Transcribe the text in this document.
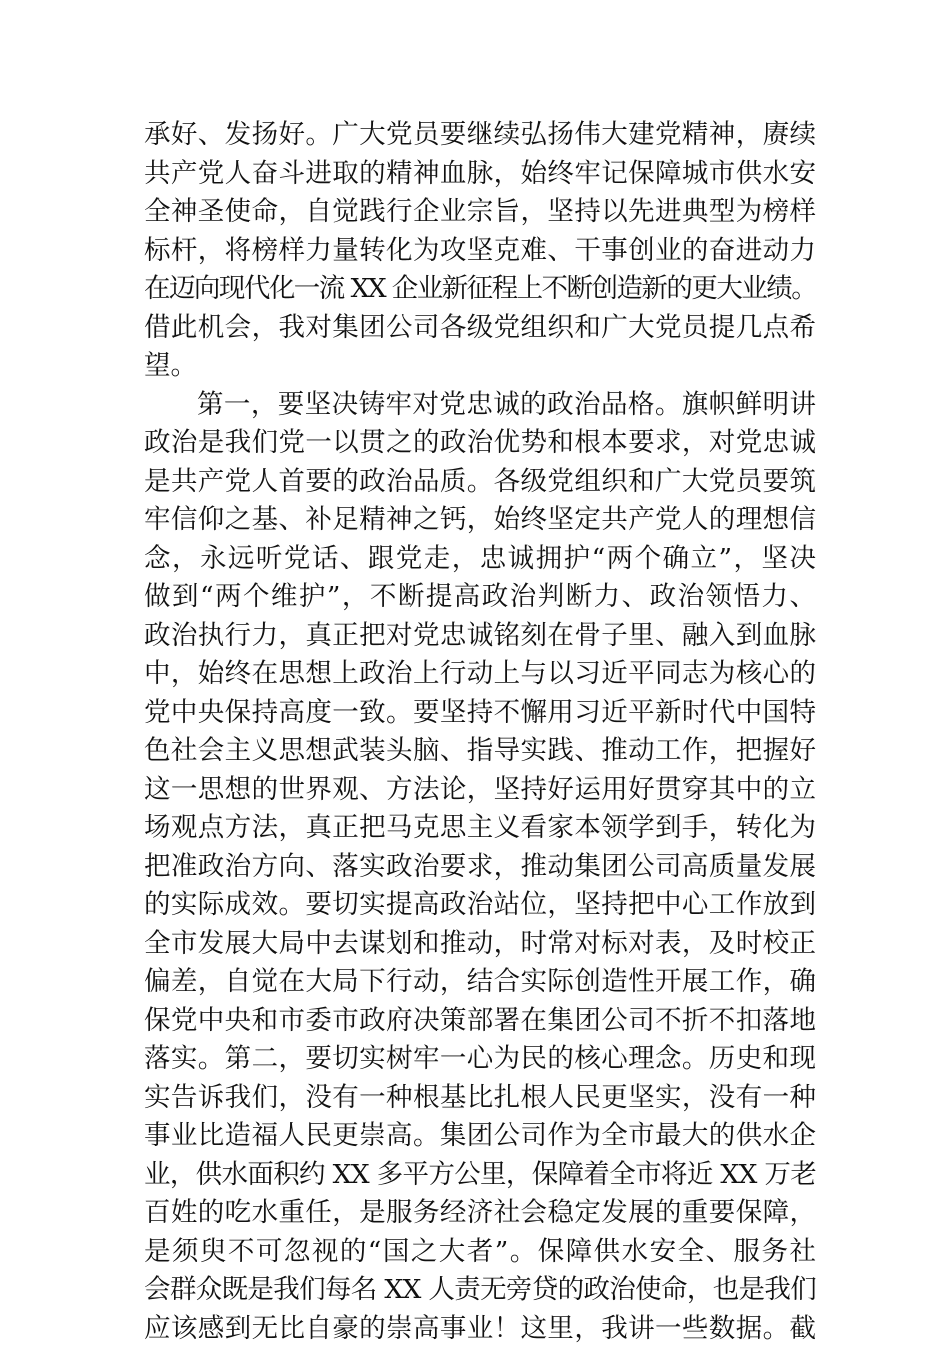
承好、发扬好。广大党员要继续弘扬伟大建党精神，赓续
共产党人奋斗进取的精神血脉，始终牢记保障城市供水安
全神圣使命，自觉践行企业宗旨，坚持以先进典型为榜样
标杆，将榜样力量转化为攻坚克难、干事创业的奋进动力
在迈向现代化一流 XX 企业新征程上不断创造新的更大业绩。
借此机会，我对集团公司各级党组织和广大党员提几点希
望。
第一，要坚决铸牢对党忠诚的政治品格。旗帜鲜明讲
政治是我们党一以贯之的政治优势和根本要求，对党忠诚
是共产党人首要的政治品质。各级党组织和广大党员要筑
牢信仰之基、补足精神之钙，始终坚定共产党人的理想信
念，永远听党话、跟党走，忠诚拥护“两个确立”，坚决
做到“两个维护”，不断提高政治判断力、政治领悟力、
政治执行力，真正把对党忠诚铭刻在骨子里、融入到血脉
中，始终在思想上政治上行动上与以习近平同志为核心的
党中央保持高度一致。要坚持不懈用习近平新时代中国特
色社会主义思想武装头脑、指导实践、推动工作，把握好
这一思想的世界观、方法论，坚持好运用好贯穿其中的立
场观点方法，真正把马克思主义看家本领学到手，转化为
把准政治方向、落实政治要求，推动集团公司高质量发展
的实际成效。要切实提高政治站位，坚持把中心工作放到
全市发展大局中去谋划和推动，时常对标对表，及时校正
偏差，自觉在大局下行动，结合实际创造性开展工作，确
保党中央和市委市政府决策部署在集团公司不折不扣落地
落实。第二，要切实树牢一心为民的核心理念。历史和现
实告诉我们，没有一种根基比扎根人民更坚实，没有一种
事业比造福人民更崇高。集团公司作为全市最大的供水企
业，供水面积约 XX 多平方公里，保障着全市将近 XX 万老
百姓的吃水重任，是服务经济社会稳定发展的重要保障，
是须臾不可忽视的“国之大者”。保障供水安全、服务社
会群众既是我们每名 XX 人责无旁贷的政治使命，也是我们
应该感到无比自豪的崇高事业！这里，我讲一些数据。截
